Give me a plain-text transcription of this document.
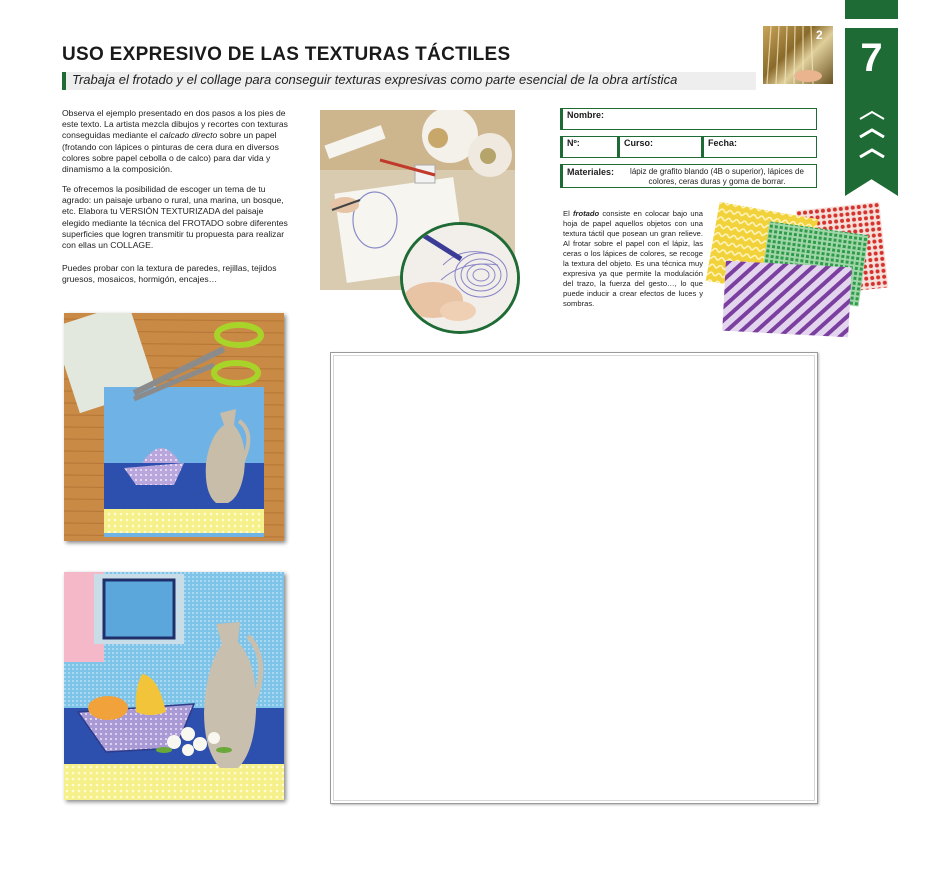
USO EXPRESIVO DE LAS TEXTURAS TÁCTILES
Trabaja el frotado y el collage para conseguir texturas expresivas como parte esencial de la obra artística	7
2
Observa el ejemplo presentado en dos pasos a los pies de este texto. La artista mezcla dibujos y recortes con texturas conseguidas mediante el calcado directo sobre un papel (frotando con lápices o pinturas de cera dura en diversos colores sobre papel cebolla o de calco) para dar vida y dinamismo a la composición.
Te ofrecemos la posibilidad de escoger un tema de tu agrado: un paisaje urbano o rural, una marina, un bosque, etc. Elabora tu VERSIÓN TEXTURIZADA del paisaje elegido mediante la técnica del FROTADO sobre diferentes superficies que logren transmitir tu propuesta para realizar con ellas un COLLAGE.
Puedes probar con la textura de paredes, rejillas, tejidos gruesos, mosaicos, hormigón, encajes…
Nombre:
Nº:	Curso:	Fecha:
Materiales:	lápiz de grafito blando (4B o superior), lápices de colores, ceras duras y goma de borrar.
El frotado consiste en colocar bajo una hoja de papel aquellos objetos con una textura táctil que posean un gran relieve. Al frotar sobre el papel con el lápiz, las ceras o los lápices de colores, se recoge la textura del objeto. Es una técnica muy expresiva ya que permite la modulación del trazo, la fuerza del gesto…, lo que puede inducir a crear efectos de luces y sombras.
